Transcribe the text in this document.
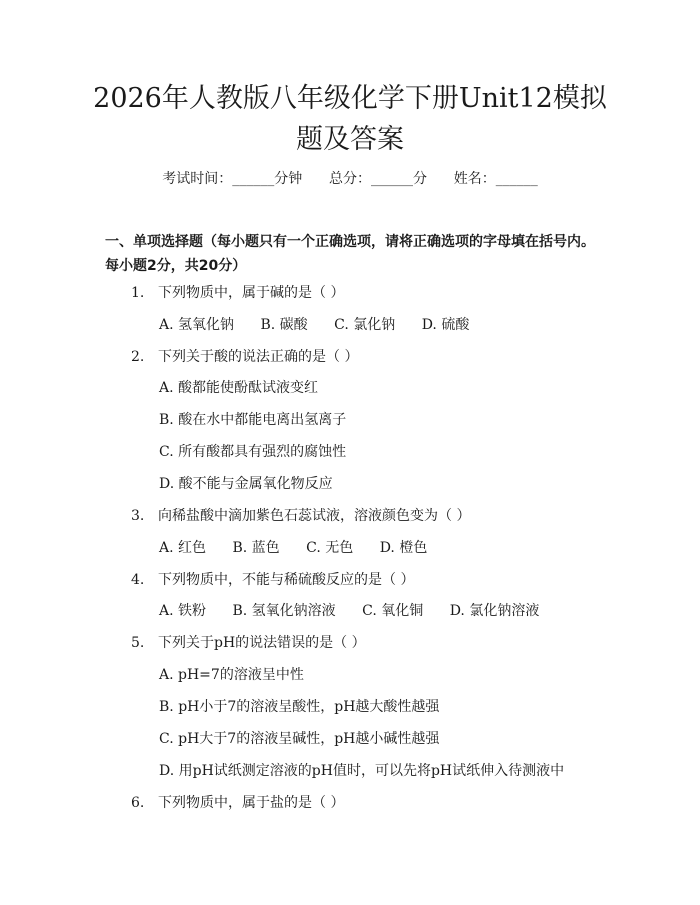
2026年人教版八年级化学下册Unit12模拟
题及答案
考试时间：______分钟      总分：______分      姓名：______
一、单项选择题（每小题只有一个正确选项，请将正确选项的字母填在括号内。每小题2分，共20分）
1. 下列物质中，属于碱的是（ ）
A. 氢氧化钠 B. 碳酸 C. 氯化钠 D. 硫酸
2. 下列关于酸的说法正确的是（ ）
A. 酸都能使酚酞试液变红
B. 酸在水中都能电离出氢离子
C. 所有酸都具有强烈的腐蚀性
D. 酸不能与金属氧化物反应
3. 向稀盐酸中滴加紫色石蕊试液，溶液颜色变为（ ）
A. 红色 B. 蓝色 C. 无色 D. 橙色
4. 下列物质中，不能与稀硫酸反应的是（ ）
A. 铁粉 B. 氢氧化钠溶液 C. 氧化铜 D. 氯化钠溶液
5. 下列关于pH的说法错误的是（ ）
A. pH=7的溶液呈中性
B. pH小于7的溶液呈酸性，pH越大酸性越强
C. pH大于7的溶液呈碱性，pH越小碱性越强
D. 用pH试纸测定溶液的pH值时，可以先将pH试纸伸入待测液中
6. 下列物质中，属于盐的是（ ）
